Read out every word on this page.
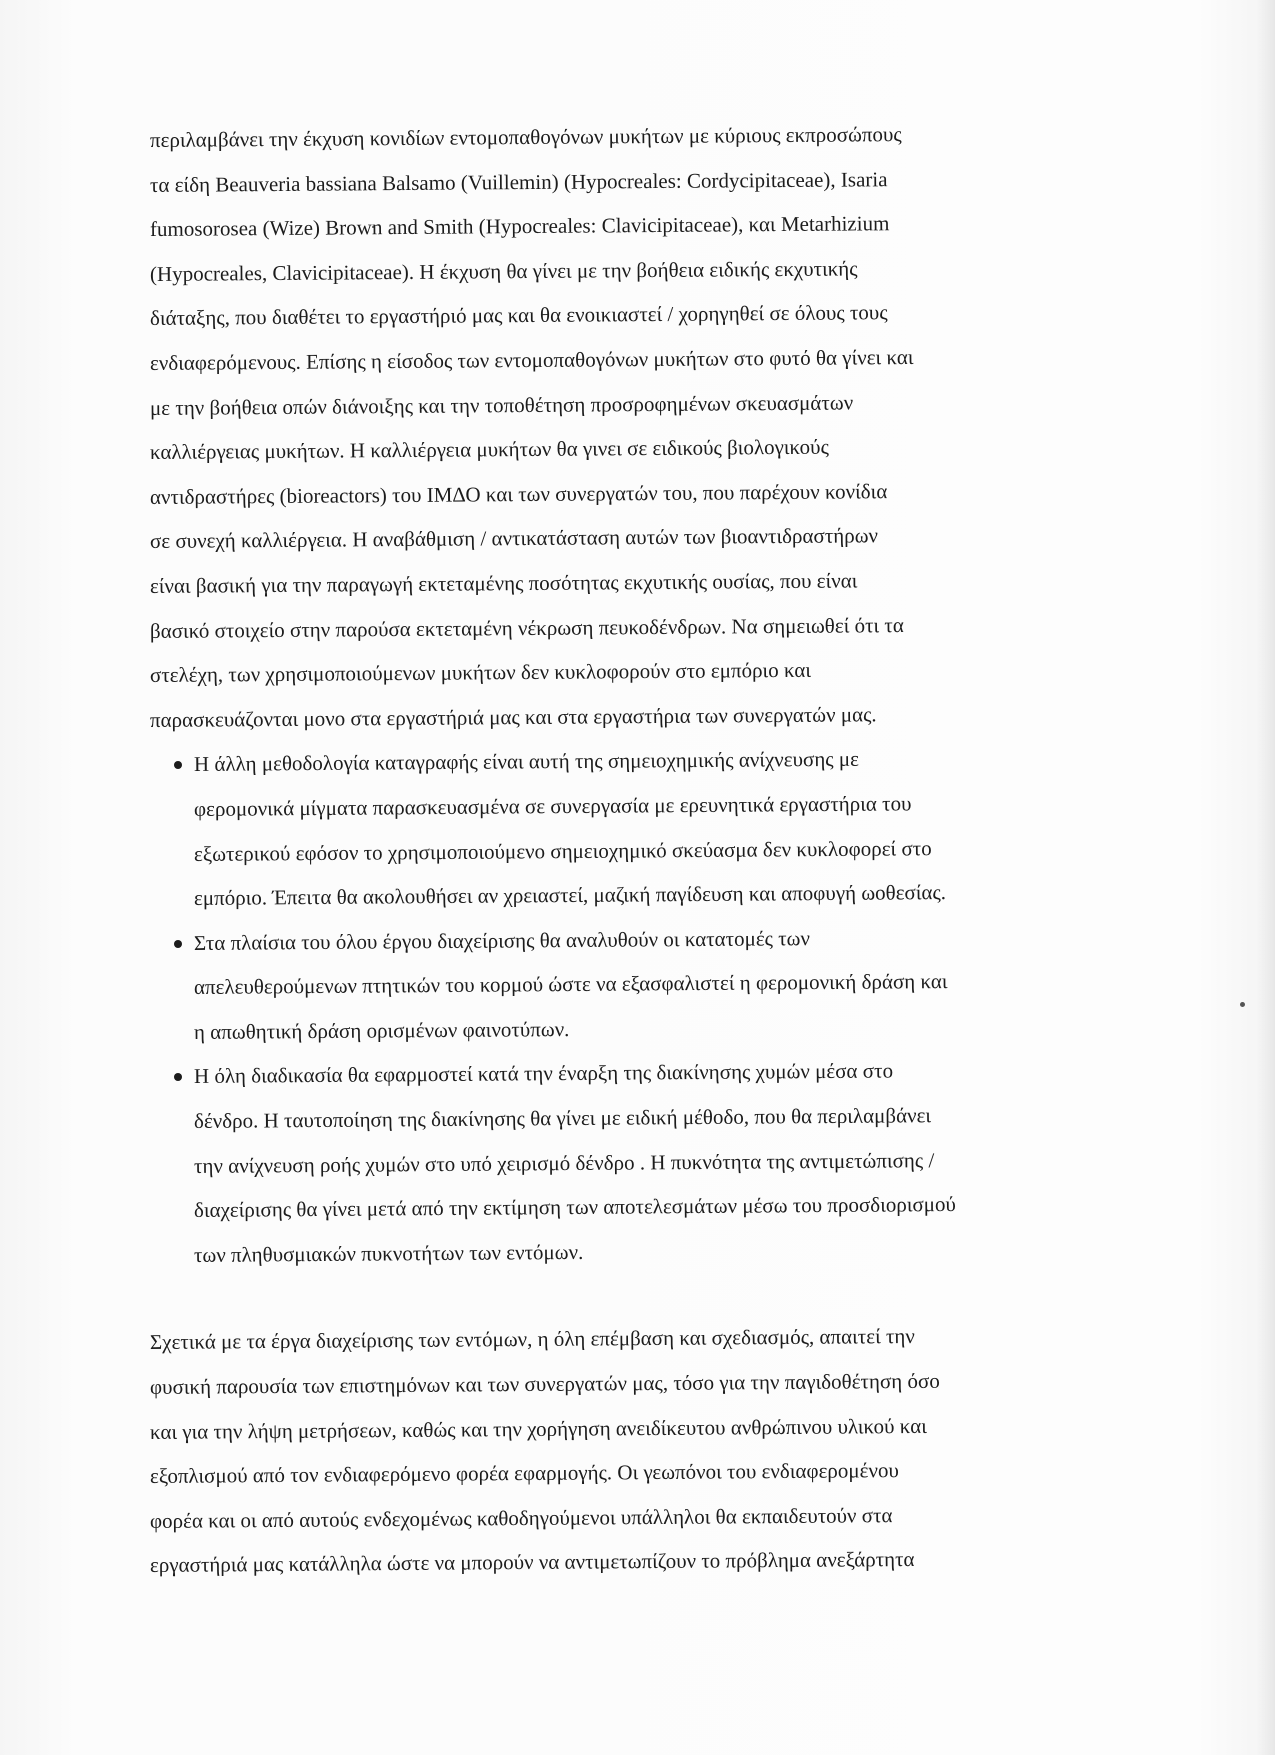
περιλαμβάνει την έκχυση κονιδίων εντομοπαθογόνων μυκήτων με κύριους εκπροσώπους
τα είδη Beauveria bassiana Balsamo (Vuillemin) (Hypocreales: Cordycipitaceae), Isaria
fumosorosea (Wize) Brown and Smith (Hypocreales: Clavicipitaceae), και Metarhizium
(Hypocreales, Clavicipitaceae). Η έκχυση θα γίνει με την βοήθεια ειδικής εκχυτικής
διάταξης, που διαθέτει το εργαστήριό μας και θα ενοικιαστεί / χορηγηθεί σε όλους τους
ενδιαφερόμενους. Επίσης η είσοδος των εντομοπαθογόνων μυκήτων στο φυτό θα γίνει και
με την βοήθεια οπών διάνοιξης και την τοποθέτηση προσροφημένων σκευασμάτων
καλλιέργειας μυκήτων. Η καλλιέργεια μυκήτων θα γινει σε ειδικούς βιολογικούς
αντιδραστήρες (bioreactors) του ΙΜΔΟ και των συνεργατών του, που παρέχουν κονίδια
σε συνεχή καλλιέργεια. Η αναβάθμιση / αντικατάσταση αυτών των βιοαντιδραστήρων
είναι βασική για την παραγωγή εκτεταμένης ποσότητας εκχυτικής ουσίας, που είναι
βασικό στοιχείο στην παρούσα εκτεταμένη νέκρωση πευκοδένδρων. Να σημειωθεί ότι τα
στελέχη, των χρησιμοποιούμενων μυκήτων δεν κυκλοφορούν στο εμπόριο και
παρασκευάζονται μονο στα εργαστήριά μας και στα εργαστήρια των συνεργατών μας.
Η άλλη μεθοδολογία καταγραφής είναι αυτή της σημειοχημικής ανίχνευσης με
φερομονικά μίγματα παρασκευασμένα σε συνεργασία με ερευνητικά εργαστήρια του
εξωτερικού εφόσον το χρησιμοποιούμενο σημειοχημικό σκεύασμα δεν κυκλοφορεί στο
εμπόριο. Έπειτα θα ακολουθήσει αν χρειαστεί, μαζική παγίδευση και αποφυγή ωοθεσίας.
Στα πλαίσια του όλου έργου διαχείρισης θα αναλυθούν οι κατατομές των
απελευθερούμενων πτητικών του κορμού ώστε να εξασφαλιστεί η φερομονική δράση και
η απωθητική δράση ορισμένων φαινοτύπων.
Η όλη διαδικασία θα εφαρμοστεί κατά την έναρξη της διακίνησης χυμών μέσα στο
δένδρο. Η ταυτοποίηση της διακίνησης θα γίνει με ειδική μέθοδο, που θα περιλαμβάνει
την ανίχνευση ροής χυμών στο υπό χειρισμό δένδρο . Η πυκνότητα της αντιμετώπισης /
διαχείρισης θα γίνει μετά από την εκτίμηση των αποτελεσμάτων μέσω του προσδιορισμού
των πληθυσμιακών πυκνοτήτων των εντόμων.
Σχετικά με τα έργα διαχείρισης των εντόμων, η όλη επέμβαση και σχεδιασμός, απαιτεί την
φυσική παρουσία των επιστημόνων και των συνεργατών μας, τόσο για την παγιδοθέτηση όσο
και για την λήψη μετρήσεων, καθώς και την χορήγηση ανειδίκευτου ανθρώπινου υλικού και
εξοπλισμού από τον ενδιαφερόμενο φορέα εφαρμογής. Οι γεωπόνοι του ενδιαφερομένου
φορέα και οι από αυτούς ενδεχομένως καθοδηγούμενοι υπάλληλοι θα εκπαιδευτούν στα
εργαστήριά μας κατάλληλα ώστε να μπορούν να αντιμετωπίζουν το πρόβλημα ανεξάρτητα
